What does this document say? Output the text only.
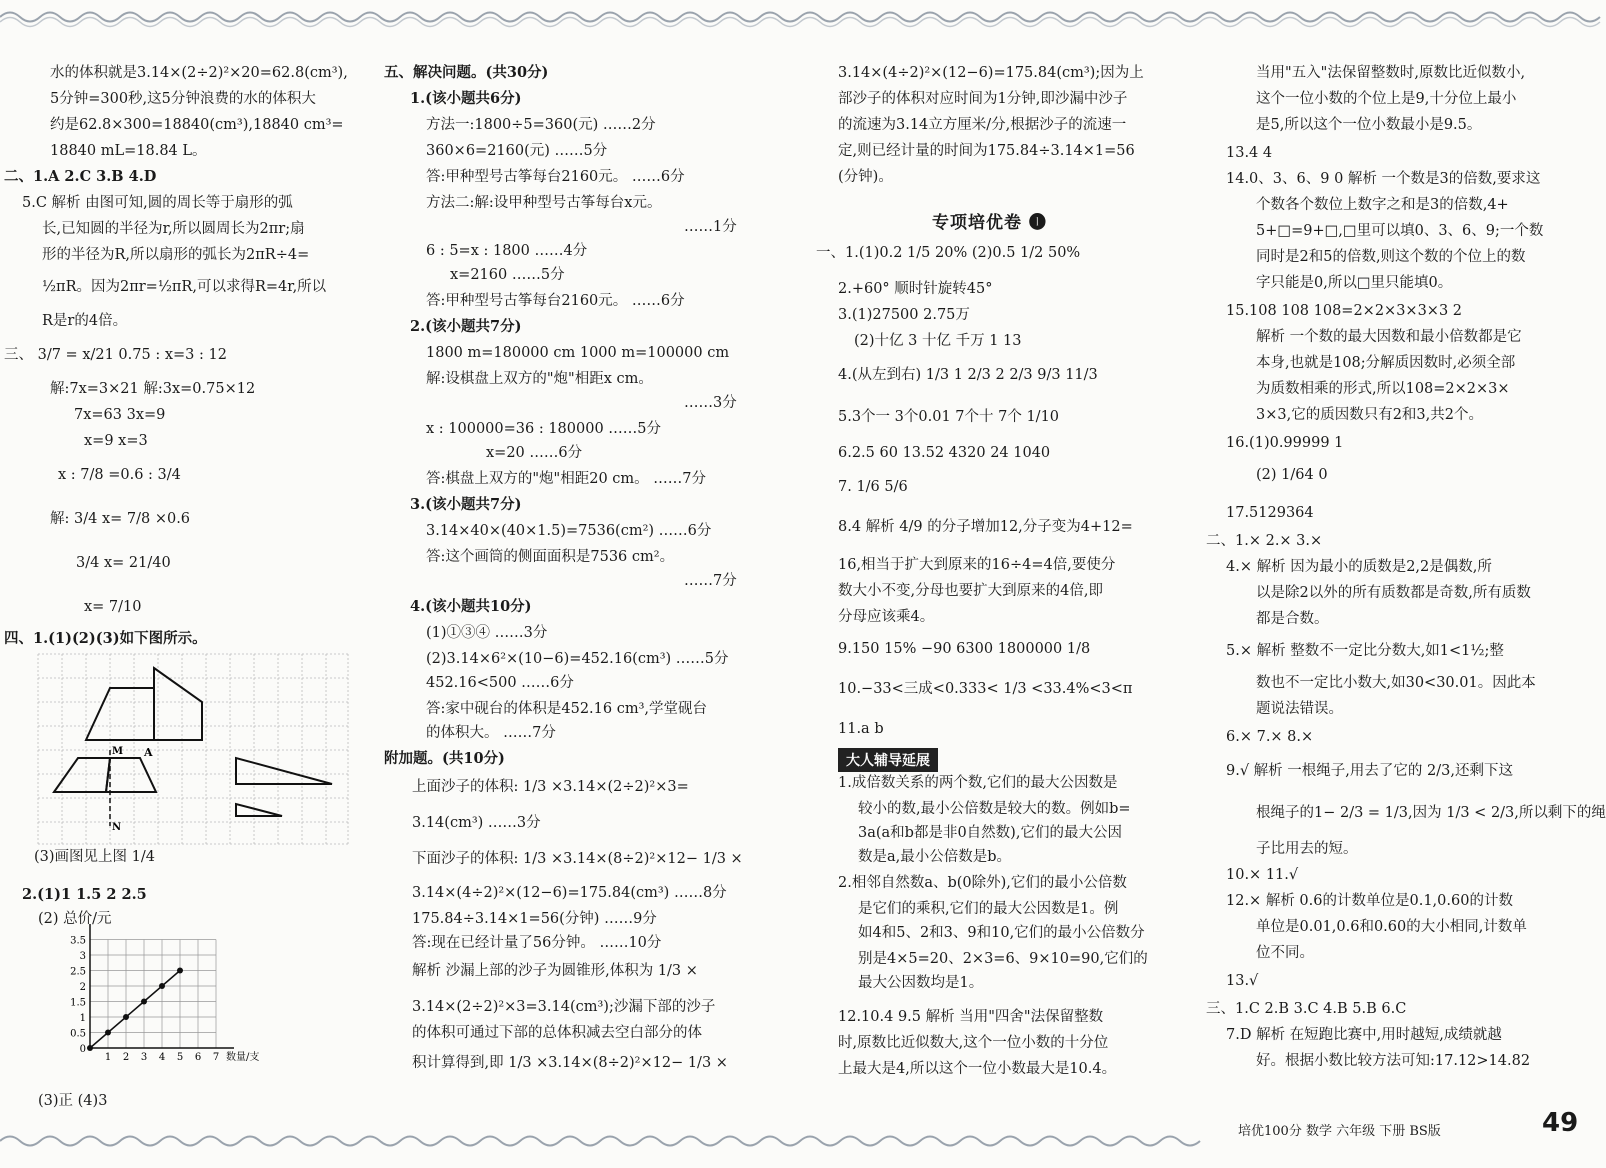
水的体积就是3.14×(2÷2)²×20=62.8(cm³),
5分钟=300秒,这5分钟浪费的水的体积大
约是62.8×300=18840(cm³),18840 cm³=
18840 mL=18.84 L。
二、1.A 2.C 3.B 4.D
5.C 解析 由图可知,圆的周长等于扇形的弧
长,已知圆的半径为r,所以圆周长为2πr;扇
形的半径为R,所以扇形的弧长为2πR÷4=
½πR。因为2πr=½πR,可以求得R=4r,所以
R是r的4倍。
三、 3/7 = x/21 0.75 : x=3 : 12
解:7x=3×21 解:3x=0.75×12
7x=63 3x=9
x=9 x=3
x : 7/8 =0.6 : 3/4
解: 3/4 x= 7/8 ×0.6
3/4 x= 21/40
x= 7/10
四、1.(1)(2)(3)如下图所示。
(3)画图见上图 1/4
2.(1)1 1.5 2 2.5
(2) 总价/元
(3)正 (4)3
五、解决问题。(共30分)
1.(该小题共6分)
方法一:1800÷5=360(元) ……2分
360×6=2160(元) ……5分
答:甲种型号古筝每台2160元。 ……6分
方法二:解:设甲种型号古筝每台x元。
……1分
6 : 5=x : 1800 ……4分
x=2160 ……5分
答:甲种型号古筝每台2160元。 ……6分
2.(该小题共7分)
1800 m=180000 cm 1000 m=100000 cm
解:设棋盘上双方的"炮"相距x cm。
……3分
x : 100000=36 : 180000 ……5分
x=20 ……6分
答:棋盘上双方的"炮"相距20 cm。 ……7分
3.(该小题共7分)
3.14×40×(40×1.5)=7536(cm²) ……6分
答:这个画筒的侧面面积是7536 cm²。
……7分
4.(该小题共10分)
(1)①③④ ……3分
(2)3.14×6²×(10−6)=452.16(cm³) ……5分
452.16<500 ……6分
答:家中砚台的体积是452.16 cm³,学堂砚台
的体积大。 ……7分
附加题。(共10分)
上面沙子的体积: 1/3 ×3.14×(2÷2)²×3=
3.14(cm³) ……3分
下面沙子的体积: 1/3 ×3.14×(8÷2)²×12− 1/3 ×
3.14×(4÷2)²×(12−6)=175.84(cm³) ……8分
175.84÷3.14×1=56(分钟) ……9分
答:现在已经计量了56分钟。 ……10分
解析 沙漏上部的沙子为圆锥形,体积为 1/3 ×
3.14×(2÷2)²×3=3.14(cm³);沙漏下部的沙子
的体积可通过下部的总体积减去空白部分的体
积计算得到,即 1/3 ×3.14×(8÷2)²×12− 1/3 ×
3.14×(4÷2)²×(12−6)=175.84(cm³);因为上
部沙子的体积对应时间为1分钟,即沙漏中沙子
的流速为3.14立方厘米/分,根据沙子的流速一
定,则已经计量的时间为175.84÷3.14×1=56
(分钟)。
一、1.(1)0.2 1/5 20% (2)0.5 1/2 50%
2.+60° 顺时针旋转45°
3.(1)27500 2.75万
(2)十亿 3 十亿 千万 1 13
4.(从左到右) 1/3 1 2/3 2 2/3 9/3 11/3
5.3个一 3个0.01 7个十 7个 1/10
6.2.5 60 13.52 4320 24 1040
7. 1/6 5/6
8.4 解析 4/9 的分子增加12,分子变为4+12=
16,相当于扩大到原来的16÷4=4倍,要使分
数大小不变,分母也要扩大到原来的4倍,即
分母应该乘4。
9.150 15% −90 6300 1800000 1/8
10.−33<三成<0.333< 1/3 <33.4%<3<π
11.a b
1.成倍数关系的两个数,它们的最大公因数是
较小的数,最小公倍数是较大的数。例如b=
3a(a和b都是非0自然数),它们的最大公因
数是a,最小公倍数是b。
2.相邻自然数a、b(0除外),它们的最小公倍数
是它们的乘积,它们的最大公因数是1。例
如4和5、2和3、9和10,它们的最小公倍数分
别是4×5=20、2×3=6、9×10=90,它们的
最大公因数均是1。
12.10.4 9.5 解析 当用"四舍"法保留整数
时,原数比近似数大,这个一位小数的十分位
上最大是4,所以这个一位小数最大是10.4。
当用"五入"法保留整数时,原数比近似数小,
这个一位小数的个位上是9,十分位上最小
是5,所以这个一位小数最小是9.5。
13.4 4
14.0、3、6、9 0 解析 一个数是3的倍数,要求这
个数各个数位上数字之和是3的倍数,4+
5+□=9+□,□里可以填0、3、6、9;一个数
同时是2和5的倍数,则这个数的个位上的数
字只能是0,所以□里只能填0。
15.108 108 108=2×2×3×3×3 2
解析 一个数的最大因数和最小倍数都是它
本身,也就是108;分解质因数时,必须全部
为质数相乘的形式,所以108=2×2×3×
3×3,它的质因数只有2和3,共2个。
16.(1)0.99999 1
(2) 1/64 0
17.5129364
二、1.× 2.× 3.×
4.× 解析 因为最小的质数是2,2是偶数,所
以是除2以外的所有质数都是奇数,所有质数
都是合数。
5.× 解析 整数不一定比分数大,如1<1½;整
数也不一定比小数大,如30<30.01。因此本
题说法错误。
6.× 7.× 8.×
9.√ 解析 一根绳子,用去了它的 2/3,还剩下这
根绳子的1− 2/3 = 1/3,因为 1/3 < 2/3,所以剩下的绳
子比用去的短。
10.× 11.√
12.× 解析 0.6的计数单位是0.1,0.60的计数
单位是0.01,0.6和0.60的大小相同,计数单
位不同。
13.√
三、1.C 2.B 3.C 4.B 5.B 6.C
7.D 解析 在短跑比赛中,用时越短,成绩就越
好。根据小数比较方法可知:17.12>14.82
专项培优卷 ❶
大人辅导延展
A
M
N
0
0.5
1
1.5
2
2.5
3
3.5
1 2 3 4 5 6 7 数量/支
培优100分 数学 六年级 下册 BS版	49
